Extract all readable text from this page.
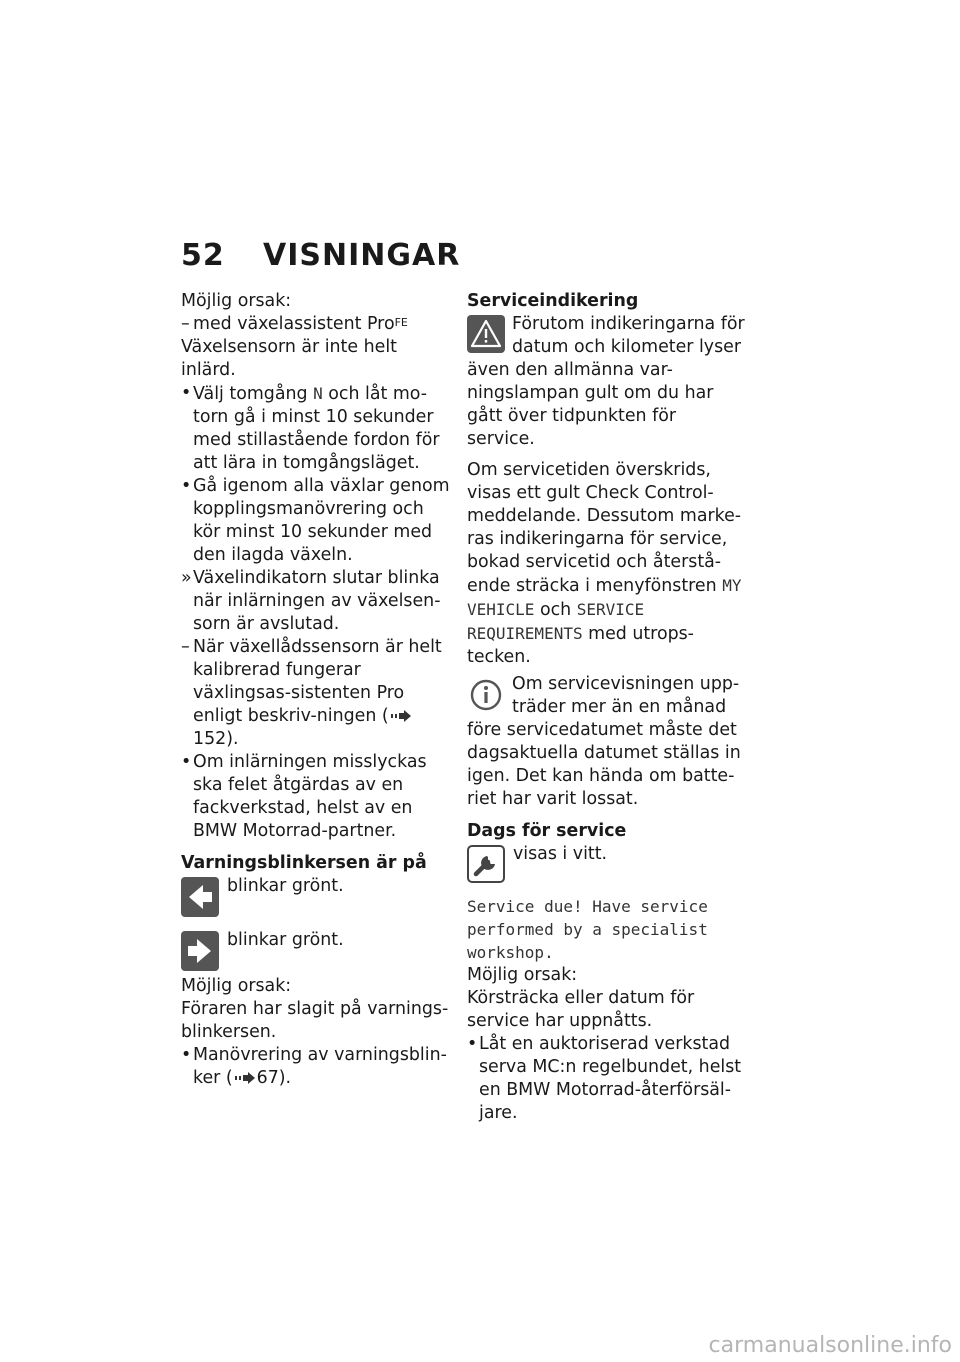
52 VISNINGAR

Möjlig orsak:

– med växelassistent Pro$^{FE}$

Växelsensorn är inte helt inlärd.

• Välj tomgång N och låt mo-torn gå i minst 10 sekunder med stillastående fordon för att lära in tomgångsläget.
• Gå igenom alla växlar genom kopplingsmanövrering och kör minst 10 sekunder med den ilagda växeln.
» Växelindikatorn slutar blinka när inlärningen av växelsen-sorn är avslutad.
– När växellådssensorn är helt kalibrerad fungerar växlingsas-sistenten Pro enligt beskriv-ningen (152).
• Om inlärningen misslyckas ska felet åtgärdas av en fackverkstad, helst av en BMW Motorrad-partner.

Varningsblinkersen är på

blinkar grönt.
blinkar grönt.

Möjlig orsak:

Föraren har slagit på varnings-blinkersen.

• Manövrering av varningsblin-ker ( 67).

Serviceindikering

Förutom indikeringarna för datum och kilometer lyser även den allmänna var-ningslampan gult om du har gått över tidpunkten för service.

Om servicetiden överskrids, visas ett gult Check Control-meddelande. Dessutom marke-ras indikeringarna för service, bokad servicetid och återstå-ende sträcka i menyfönstren MY VEHICLE och SERVICE REQUIREMENTS med utrops-tecken.

Om servicevisningen upp-träder mer än en månad före servicedatumet måste det dagsaktuella datumet ställas in igen. Det kan hända om batte-riet har varit lossat.

Dags för service

visas i vitt.

Service due! Have service performed by a specialist workshop.

Möjlig orsak:

Körsträcka eller datum för service har uppnåtts.

• Låt en auktoriserad verkstad serva MC:n regelbundet, helst en BMW Motorrad-återförsäl-jare.
carmanualsonline.info
